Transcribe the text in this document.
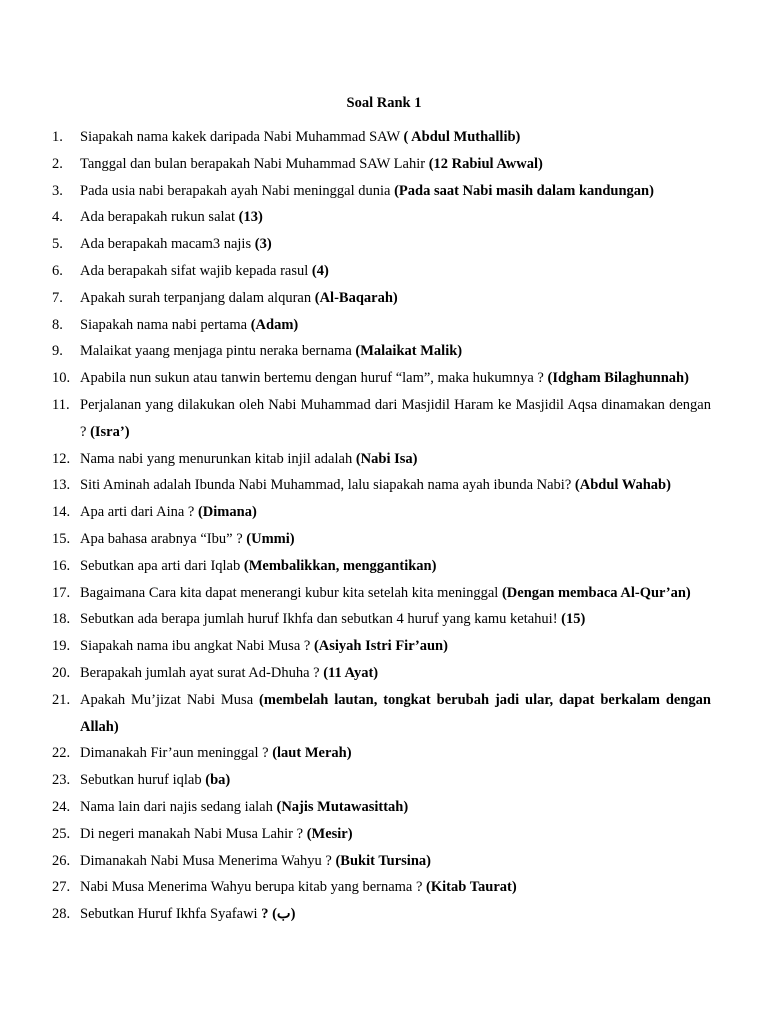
Soal Rank 1
1.	Siapakah nama kakek daripada Nabi Muhammad SAW ( Abdul Muthallib)
2.	Tanggal dan bulan berapakah Nabi Muhammad SAW Lahir (12 Rabiul Awwal)
3.	Pada usia nabi berapakah ayah Nabi meninggal dunia (Pada saat Nabi masih dalam kandungan)
4.	Ada berapakah rukun salat (13)
5.	Ada berapakah macam3 najis (3)
6.	Ada berapakah sifat wajib kepada rasul (4)
7.	Apakah surah terpanjang dalam alquran (Al-Baqarah)
8.	Siapakah nama nabi pertama (Adam)
9.	Malaikat yaang menjaga pintu neraka bernama (Malaikat Malik)
10. Apabila nun sukun atau tanwin bertemu dengan huruf “lam”, maka hukumnya ? (Idgham Bilaghunnah)
11. Perjalanan yang dilakukan oleh Nabi Muhammad dari Masjidil Haram ke Masjidil Aqsa dinamakan dengan ? (Isra’)
12. Nama nabi yang menurunkan kitab injil adalah (Nabi Isa)
13. Siti Aminah adalah Ibunda Nabi Muhammad, lalu siapakah nama ayah ibunda Nabi? (Abdul Wahab)
14. Apa arti dari Aina ? (Dimana)
15. Apa bahasa arabnya “Ibu” ? (Ummi)
16. Sebutkan apa arti dari Iqlab (Membalikkan, menggantikan)
17. Bagaimana Cara kita dapat menerangi kubur kita setelah kita meninggal (Dengan membaca Al-Qur’an)
18. Sebutkan ada berapa jumlah huruf Ikhfa dan sebutkan 4 huruf yang kamu ketahui! (15)
19. Siapakah nama ibu angkat Nabi Musa ? (Asiyah Istri Fir’aun)
20. Berapakah jumlah ayat surat Ad-Dhuha ? (11 Ayat)
21. Apakah Mu’jizat Nabi Musa (membelah lautan, tongkat berubah jadi ular, dapat berkalam dengan Allah)
22. Dimanakah Fir’aun meninggal ? (laut Merah)
23. Sebutkan huruf iqlab (ba)
24. Nama lain dari najis sedang ialah (Najis Mutawasittah)
25. Di negeri manakah Nabi Musa Lahir ? (Mesir)
26. Dimanakah Nabi Musa Menerima Wahyu ? (Bukit Tursina)
27. Nabi Musa Menerima Wahyu berupa kitab yang bernama ? (Kitab Taurat)
28. Sebutkan Huruf Ikhfa Syafawi ? (ب)
